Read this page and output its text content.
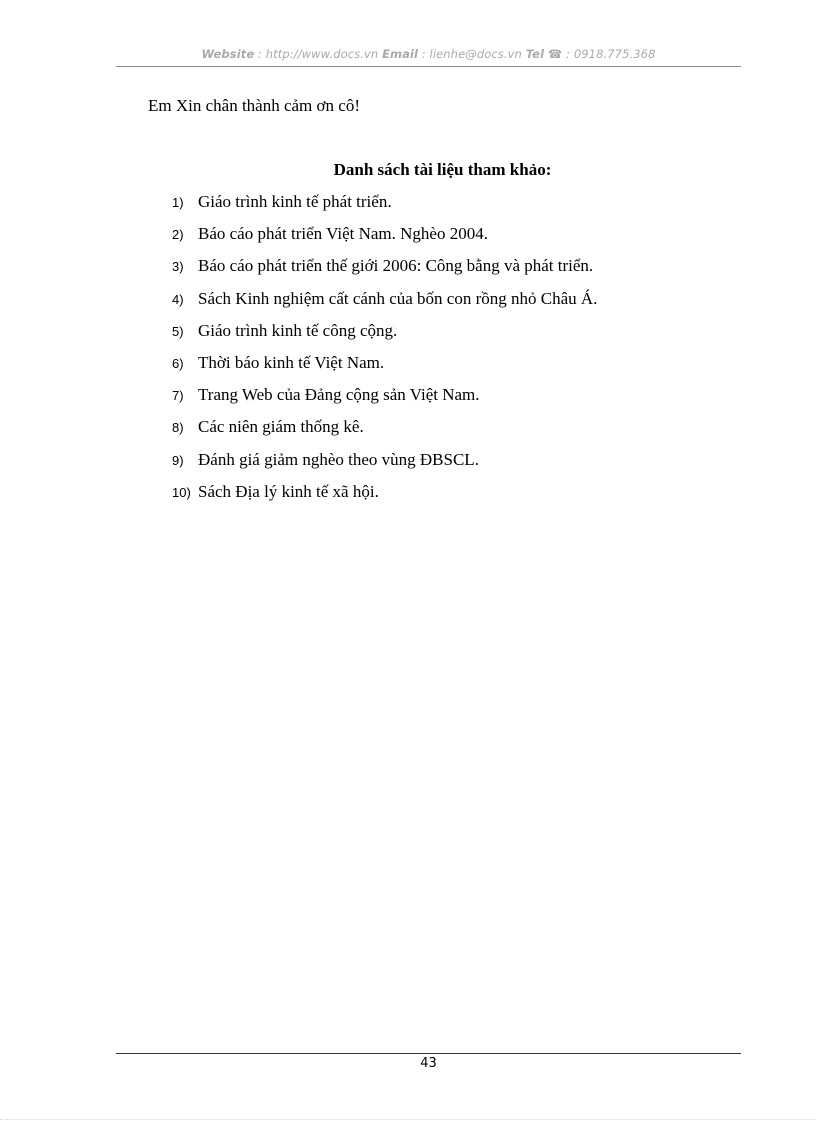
Website : http://www.docs.vn Email : lienhe@docs.vn Tel ☎ : 0918.775.368
Em Xin chân thành cảm ơn cô!
Danh sách tài liệu tham khảo:
1) Giáo trình kinh tế phát triển.
2) Báo cáo phát triển Việt Nam. Nghèo 2004.
3) Báo cáo phát triển thế giới 2006: Công bằng và phát triển.
4) Sách Kinh nghiệm cất cánh của bốn con rồng nhỏ Châu Á.
5) Giáo trình kinh tế công cộng.
6) Thời báo kinh tế Việt Nam.
7) Trang Web của Đảng cộng sản Việt Nam.
8) Các niên giám thống kê.
9) Đánh giá giảm nghèo theo vùng ĐBSCL.
10) Sách Địa lý kinh tế xã hội.
43
